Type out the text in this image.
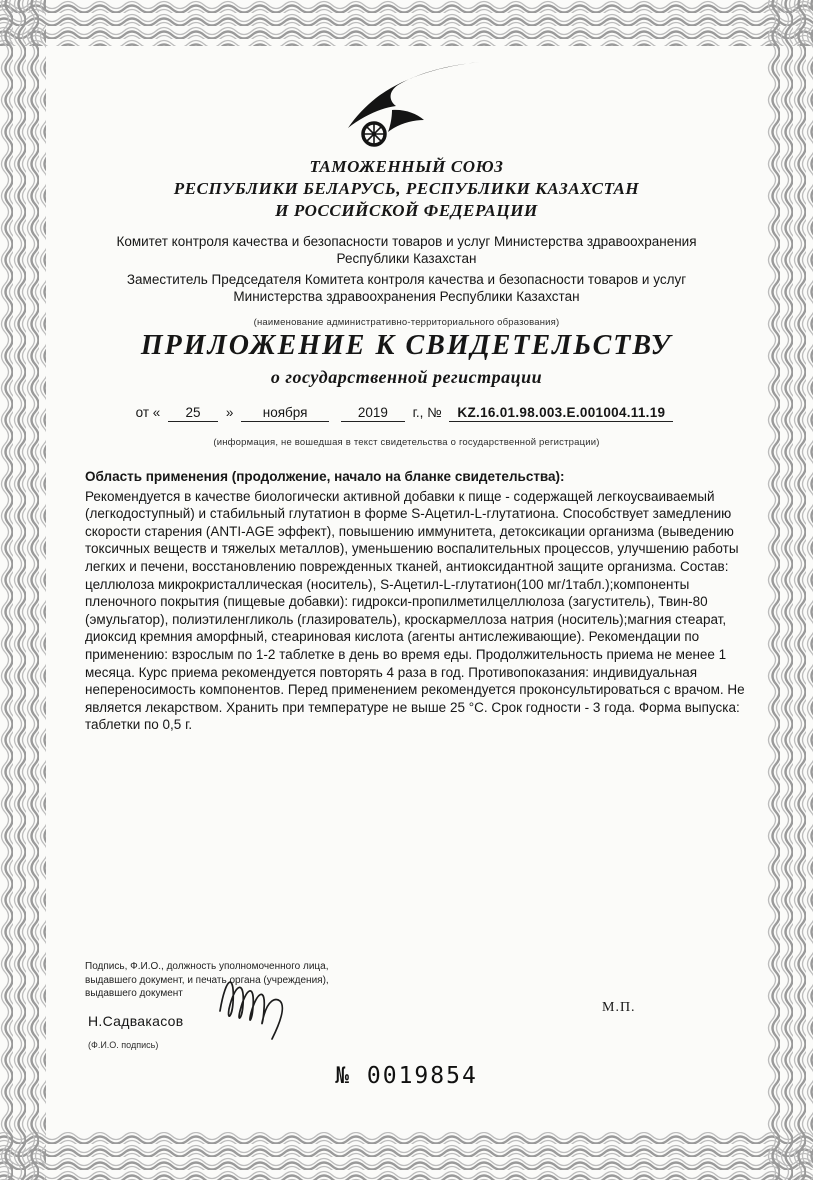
ТАМОЖЕННЫЙ СОЮЗ
РЕСПУБЛИКИ БЕЛАРУСЬ, РЕСПУБЛИКИ КАЗАХСТАН
И РОССИЙСКОЙ ФЕДЕРАЦИИ

Комитет контроля качества и безопасности товаров и услуг Министерства здравоохранения Республики Казахстан

Заместитель Председателя Комитета контроля качества и безопасности товаров и услуг Министерства здравоохранения Республики Казахстан

(наименование административно-территориального образования)
ПРИЛОЖЕНИЕ К СВИДЕТЕЛЬСТВУ
о государственной регистрации
от « 25 » ноября	2019 г., № KZ.16.01.98.003.Е.001004.11.19
(информация, не вошедшая в текст свидетельства о государственной регистрации)

Область применения (продолжение, начало на бланке свидетельства):

Рекомендуется в качестве биологически активной добавки к пище - содержащей легкоусваиваемый (легкодоступный) и стабильный глутатион в форме S-Ацетил-L-глутатиона. Способствует замедлению скорости старения (ANTI-AGE эффект), повышению иммунитета, детоксикации организма (выведению токсичных веществ и тяжелых металлов), уменьшению воспалительных процессов, улучшению работы легких и печени, восстановлению поврежденных тканей, антиоксидантной защите организма. Состав: целлюлоза микрокристаллическая (носитель), S-Ацетил-L-глутатион(100 мг/1табл.);компоненты пленочного покрытия (пищевые добавки): гидрокси-пропилметилцеллюлоза (загуститель), Твин-80 (эмульгатор), полиэтиленгликоль (глазирователь), кроскармеллоза натрия (носитель);магния стеарат, диоксид кремния аморфный, стеариновая кислота (агенты антислеживающие). Рекомендации по применению: взрослым по 1-2 таблетке в день во время еды. Продолжительность приема не менее 1 месяца. Курс приема рекомендуется повторять 4 раза в год. Противопоказания: индивидуальная непереносимость компонентов. Перед применением рекомендуется проконсультироваться с врачом. Не является лекарством. Хранить при температуре не выше 25 °С. Срок годности - 3 года. Форма выпуска: таблетки по 0,5 г.

Подпись, Ф.И.О., должность уполномоченного лица,
выдавшего документ, и печать органа (учреждения),
выдавшего документ
Н.Садвакасов
(Ф.И.О. подпись)
М.П.
№ 0019854
